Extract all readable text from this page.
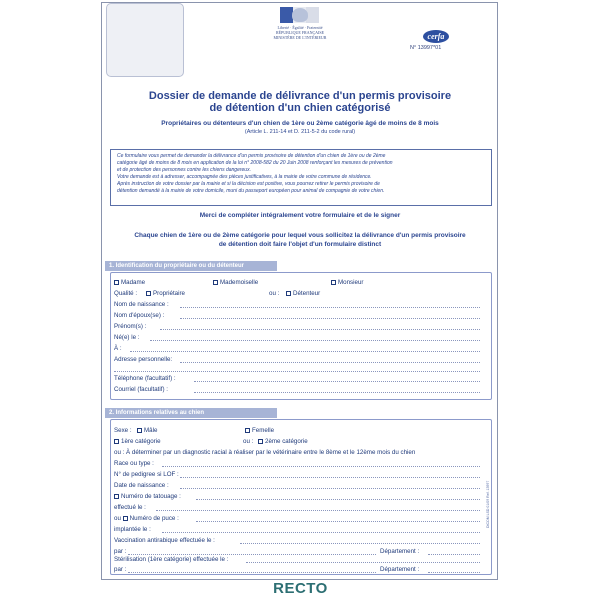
Liberté · Égalité · Fraternité
RÉPUBLIQUE FRANÇAISE
MINISTÈRE DE L'INTÉRIEUR	cerfa
N° 13997*01
Dossier de demande de délivrance d'un permis provisoire
de détention d'un chien catégorisé
Propriétaires ou détenteurs d'un chien de 1ère ou 2ème catégorie âgé de moins de 8 mois
(Article L. 211-14 et D. 211-5-2 du code rural)

Ce formulaire vous permet de demander la délivrance d'un permis provisoire de détention d'un chien de 1ère ou de 2ème

catégorie âgé de moins de 8 mois en application de la loi n° 2008-582 du 20 Juin 2008 renforçant les mesures de prévention

et de protection des personnes contre les chiens dangereux.

Votre demande est à adresser, accompagnée des pièces justificatives, à la mairie de votre commune de résidence.

Après instruction de votre dossier par la mairie et si la décision est positive, vous pourrez retirer le permis provisoire de

détention demandé à la mairie de votre domicile, muni du passeport européen pour animal de compagnie de votre chien.

Merci de compléter intégralement votre formulaire et de le signer
Chaque chien de 1ère ou de 2ème catégorie pour lequel vous sollicitez la délivrance d'un permis provisoire
de détention doit faire l'objet d'un formulaire distinct
1. Identification du propriétaire ou du détenteur
Madame	Mademoiselle	Monsieur
Qualité :	Propriétaire	ou :	Détenteur
Nom de naissance :
Nom d'époux(se) :
Prénom(s) :
Né(e) le :
À :
Adresse personnelle:
Téléphone (facultatif) :
Courriel (facultatif) :
2. Informations relatives au chien
Sexe :	Mâle	Femelle
1ère catégorie	ou :	2ème catégorie
ou : À déterminer par un diagnostic racial à réaliser par le vétérinaire entre le 8ème et le 12ème mois du chien
Race ou type :
N° de pedigree si LOF :
Date de naissance :
Numéro de tatouage :
effectué le :
ou Numéro de puce :
implantée le :
Vaccination antirabique effectuée le :
par :	Département :
Stérilisation (1ère catégorie) effectuée le :
par :	Département :
DICOM LSD 01/09 Ref. 13997
RECTO
